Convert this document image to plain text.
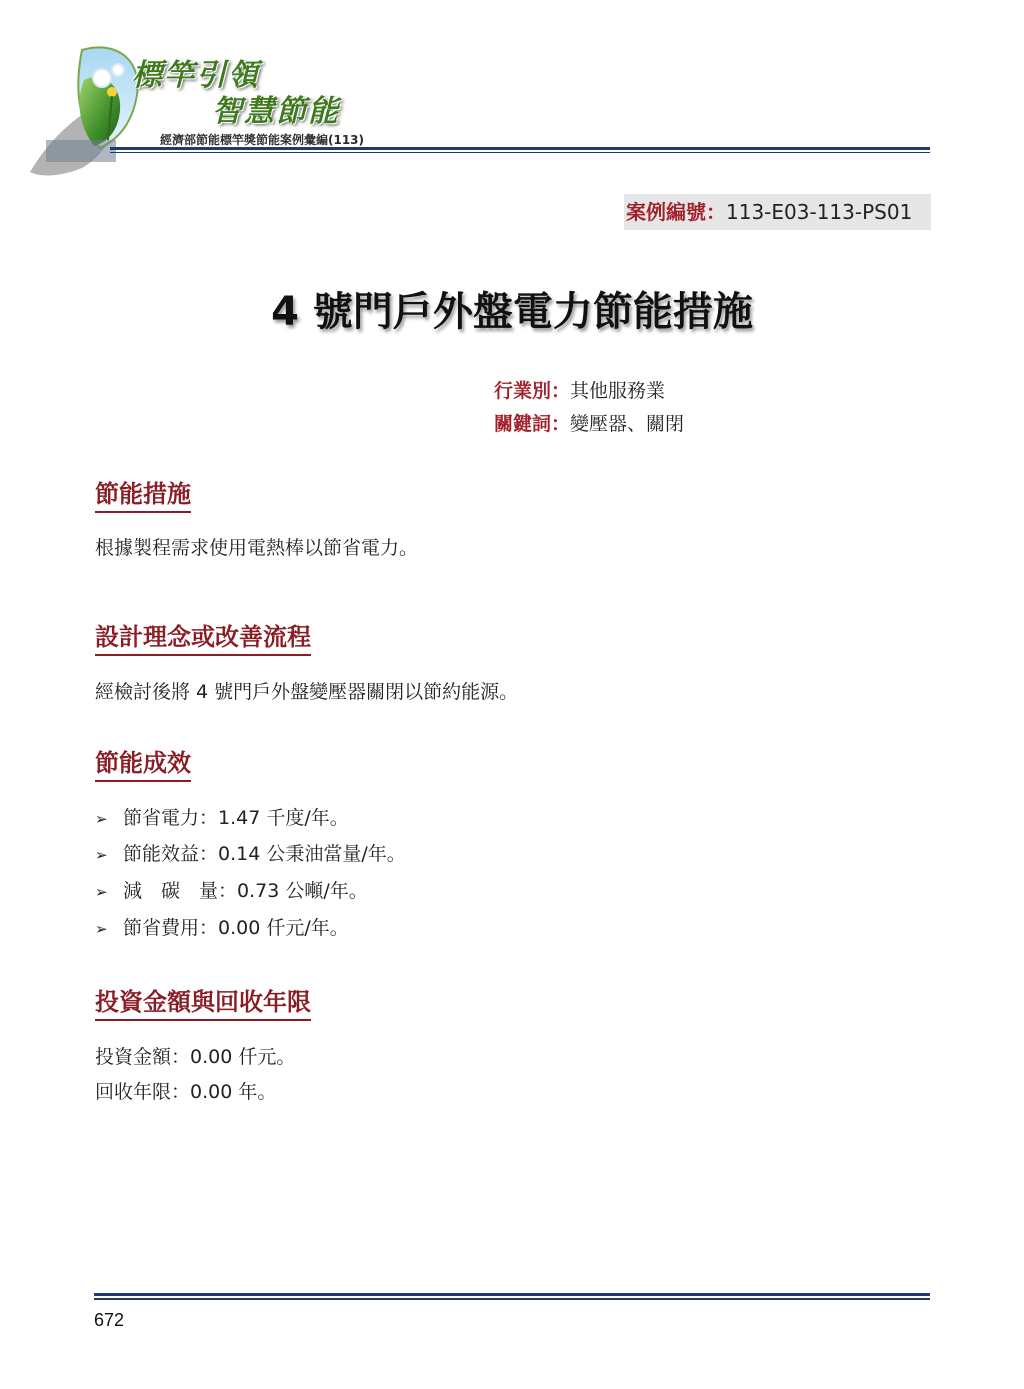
標竿引領
智慧節能
經濟部節能標竿獎節能案例彙編(113)
案例編號：113-E03-113-PS01
4 號門戶外盤電力節能措施
行業別：其他服務業
關鍵詞：變壓器、關閉
節能措施
根據製程需求使用電熱棒以節省電力。
設計理念或改善流程
經檢討後將 4 號門戶外盤變壓器關閉以節約能源。
節能成效
➢ 節省電力：1.47 千度/年。
➢ 節能效益：0.14 公秉油當量/年。
➢ 減　碳　量：0.73 公噸/年。
➢ 節省費用：0.00 仟元/年。
投資金額與回收年限
投資金額：0.00 仟元。
回收年限：0.00 年。
672
